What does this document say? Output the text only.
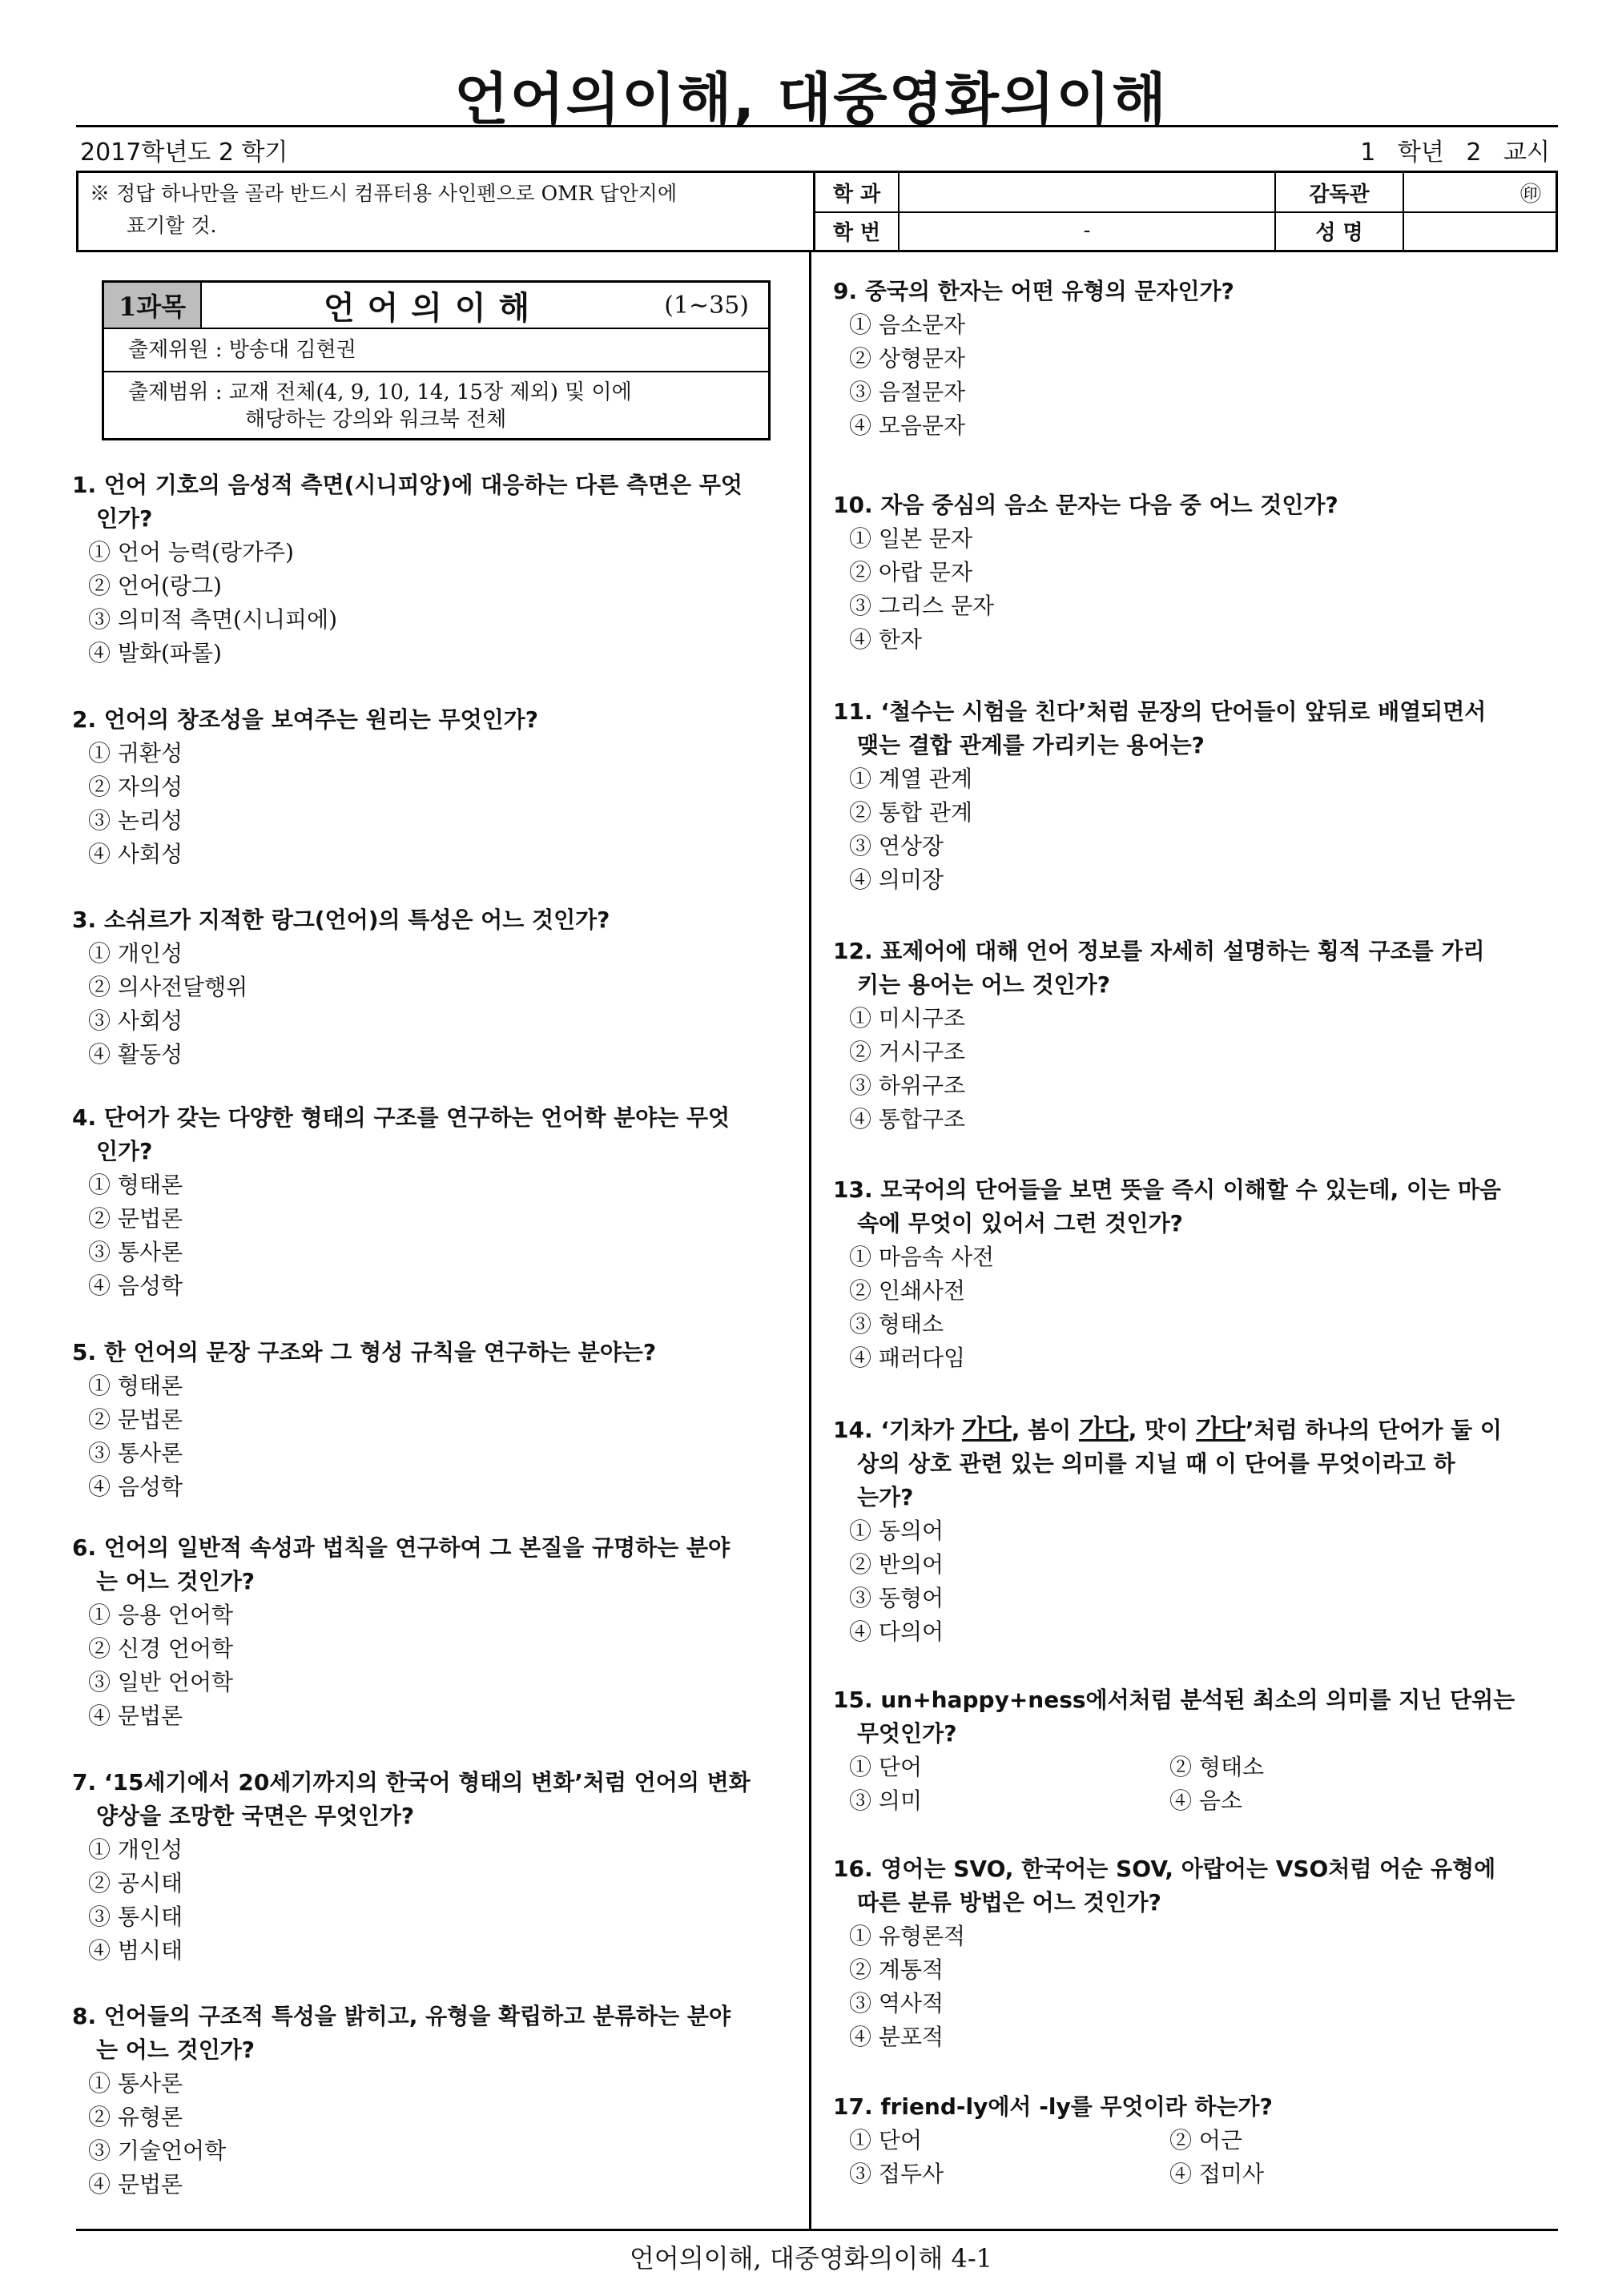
언어의이해, 대중영화의이해
2017학년도 2 학기	1 학년 2 교시
※ 정답 하나만을 골라 반드시 컴퓨터용 사인펜으로 OMR 답안지에
표기할 것.
학 과	감독관	㊞
학 번	-	성 명
1과목	언어의이해	(1∼35)
출제위원 : 방송대 김현권
출제범위 : 교재 전체(4, 9, 10, 14, 15장 제외) 및 이에
해당하는 강의와 워크북 전체
1. 언어 기호의 음성적 측면(시니피앙)에 대응하는 다른 측면은 무엇
인가?
① 언어 능력(랑가주)
② 언어(랑그)
③ 의미적 측면(시니피에)
④ 발화(파롤)
2. 언어의 창조성을 보여주는 원리는 무엇인가?
① 귀환성
② 자의성
③ 논리성
④ 사회성
3. 소쉬르가 지적한 랑그(언어)의 특성은 어느 것인가?
① 개인성
② 의사전달행위
③ 사회성
④ 활동성
4. 단어가 갖는 다양한 형태의 구조를 연구하는 언어학 분야는 무엇
인가?
① 형태론
② 문법론
③ 통사론
④ 음성학
5. 한 언어의 문장 구조와 그 형성 규칙을 연구하는 분야는?
① 형태론
② 문법론
③ 통사론
④ 음성학
6. 언어의 일반적 속성과 법칙을 연구하여 그 본질을 규명하는 분야
는 어느 것인가?
① 응용 언어학
② 신경 언어학
③ 일반 언어학
④ 문법론
7. ‘15세기에서 20세기까지의 한국어 형태의 변화’처럼 언어의 변화
양상을 조망한 국면은 무엇인가?
① 개인성
② 공시태
③ 통시태
④ 범시태
8. 언어들의 구조적 특성을 밝히고, 유형을 확립하고 분류하는 분야
는 어느 것인가?
① 통사론
② 유형론
③ 기술언어학
④ 문법론
9. 중국의 한자는 어떤 유형의 문자인가?
① 음소문자
② 상형문자
③ 음절문자
④ 모음문자
10. 자음 중심의 음소 문자는 다음 중 어느 것인가?
① 일본 문자
② 아랍 문자
③ 그리스 문자
④ 한자
11. ‘철수는 시험을 친다’처럼 문장의 단어들이 앞뒤로 배열되면서
맺는 결합 관계를 가리키는 용어는?
① 계열 관계
② 통합 관계
③ 연상장
④ 의미장
12. 표제어에 대해 언어 정보를 자세히 설명하는 횡적 구조를 가리
키는 용어는 어느 것인가?
① 미시구조
② 거시구조
③ 하위구조
④ 통합구조
13. 모국어의 단어들을 보면 뜻을 즉시 이해할 수 있는데, 이는 마음
속에 무엇이 있어서 그런 것인가?
① 마음속 사전
② 인쇄사전
③ 형태소
④ 패러다임
14. ‘기차가 가다, 봄이 가다, 맛이 가다’처럼 하나의 단어가 둘 이
상의 상호 관련 있는 의미를 지닐 때 이 단어를 무엇이라고 하
는가?
① 동의어
② 반의어
③ 동형어
④ 다의어
15. un+happy+ness에서처럼 분석된 최소의 의미를 지닌 단위는
무엇인가?
① 단어	② 형태소
③ 의미	④ 음소
16. 영어는 SVO, 한국어는 SOV, 아랍어는 VSO처럼 어순 유형에
따른 분류 방법은 어느 것인가?
① 유형론적
② 계통적
③ 역사적
④ 분포적
17. friend-ly에서 -ly를 무엇이라 하는가?
① 단어	② 어근
③ 접두사	④ 접미사
언어의이해, 대중영화의이해 4-1
